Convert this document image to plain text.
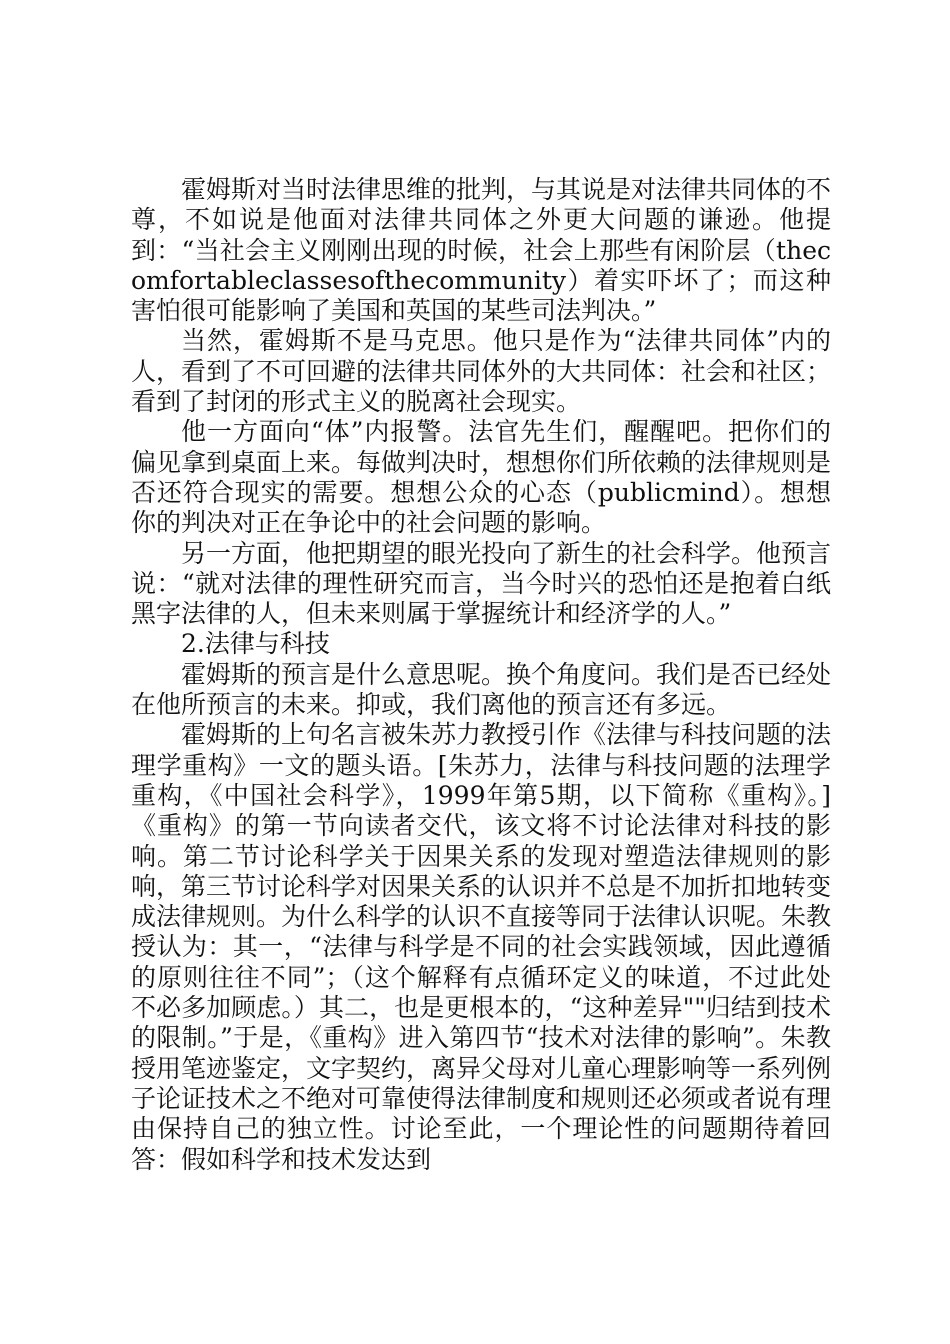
霍姆斯对当时法律思维的批判，与其说是对法律共同体的不尊，不如说是他面对法律共同体之外更大问题的谦逊。他提到：“当社会主义刚刚出现的时候，社会上那些有闲阶层（thecomfortableclassesofthecommunity）着实吓坏了；而这种害怕很可能影响了美国和英国的某些司法判决。”

当然，霍姆斯不是马克思。他只是作为“法律共同体”内的人，看到了不可回避的法律共同体外的大共同体：社会和社区；看到了封闭的形式主义的脱离社会现实。

他一方面向“体”内报警。法官先生们，醒醒吧。把你们的偏见拿到桌面上来。每做判决时，想想你们所依赖的法律规则是否还符合现实的需要。想想公众的心态（publicmind）。想想你的判决对正在争论中的社会问题的影响。

另一方面，他把期望的眼光投向了新生的社会科学。他预言说：“就对法律的理性研究而言，当今时兴的恐怕还是抱着白纸黑字法律的人，但未来则属于掌握统计和经济学的人。”

2.法律与科技

霍姆斯的预言是什么意思呢。换个角度问。我们是否已经处在他所预言的未来。抑或，我们离他的预言还有多远。

霍姆斯的上句名言被朱苏力教授引作《法律与科技问题的法理学重构》一文的题头语。[朱苏力，法律与科技问题的法理学重构，《中国社会科学》，1999年第5期，以下简称《重构》。]《重构》的第一节向读者交代，该文将不讨论法律对科技的影响。第二节讨论科学关于因果关系的发现对塑造法律规则的影响，第三节讨论科学对因果关系的认识并不总是不加折扣地转变成法律规则。为什么科学的认识不直接等同于法律认识呢。朱教授认为：其一，“法律与科学是不同的社会实践领域，因此遵循的原则往往不同”；（这个解释有点循环定义的味道，不过此处不必多加顾虑。）其二，也是更根本的，“这种差异""归结到技术的限制。”于是，《重构》进入第四节“技术对法律的影响”。朱教授用笔迹鉴定，文字契约，离异父母对儿童心理影响等一系列例子论证技术之不绝对可靠使得法律制度和规则还必须或者说有理由保持自己的独立性。讨论至此，一个理论性的问题期待着回答：假如科学和技术发达到
